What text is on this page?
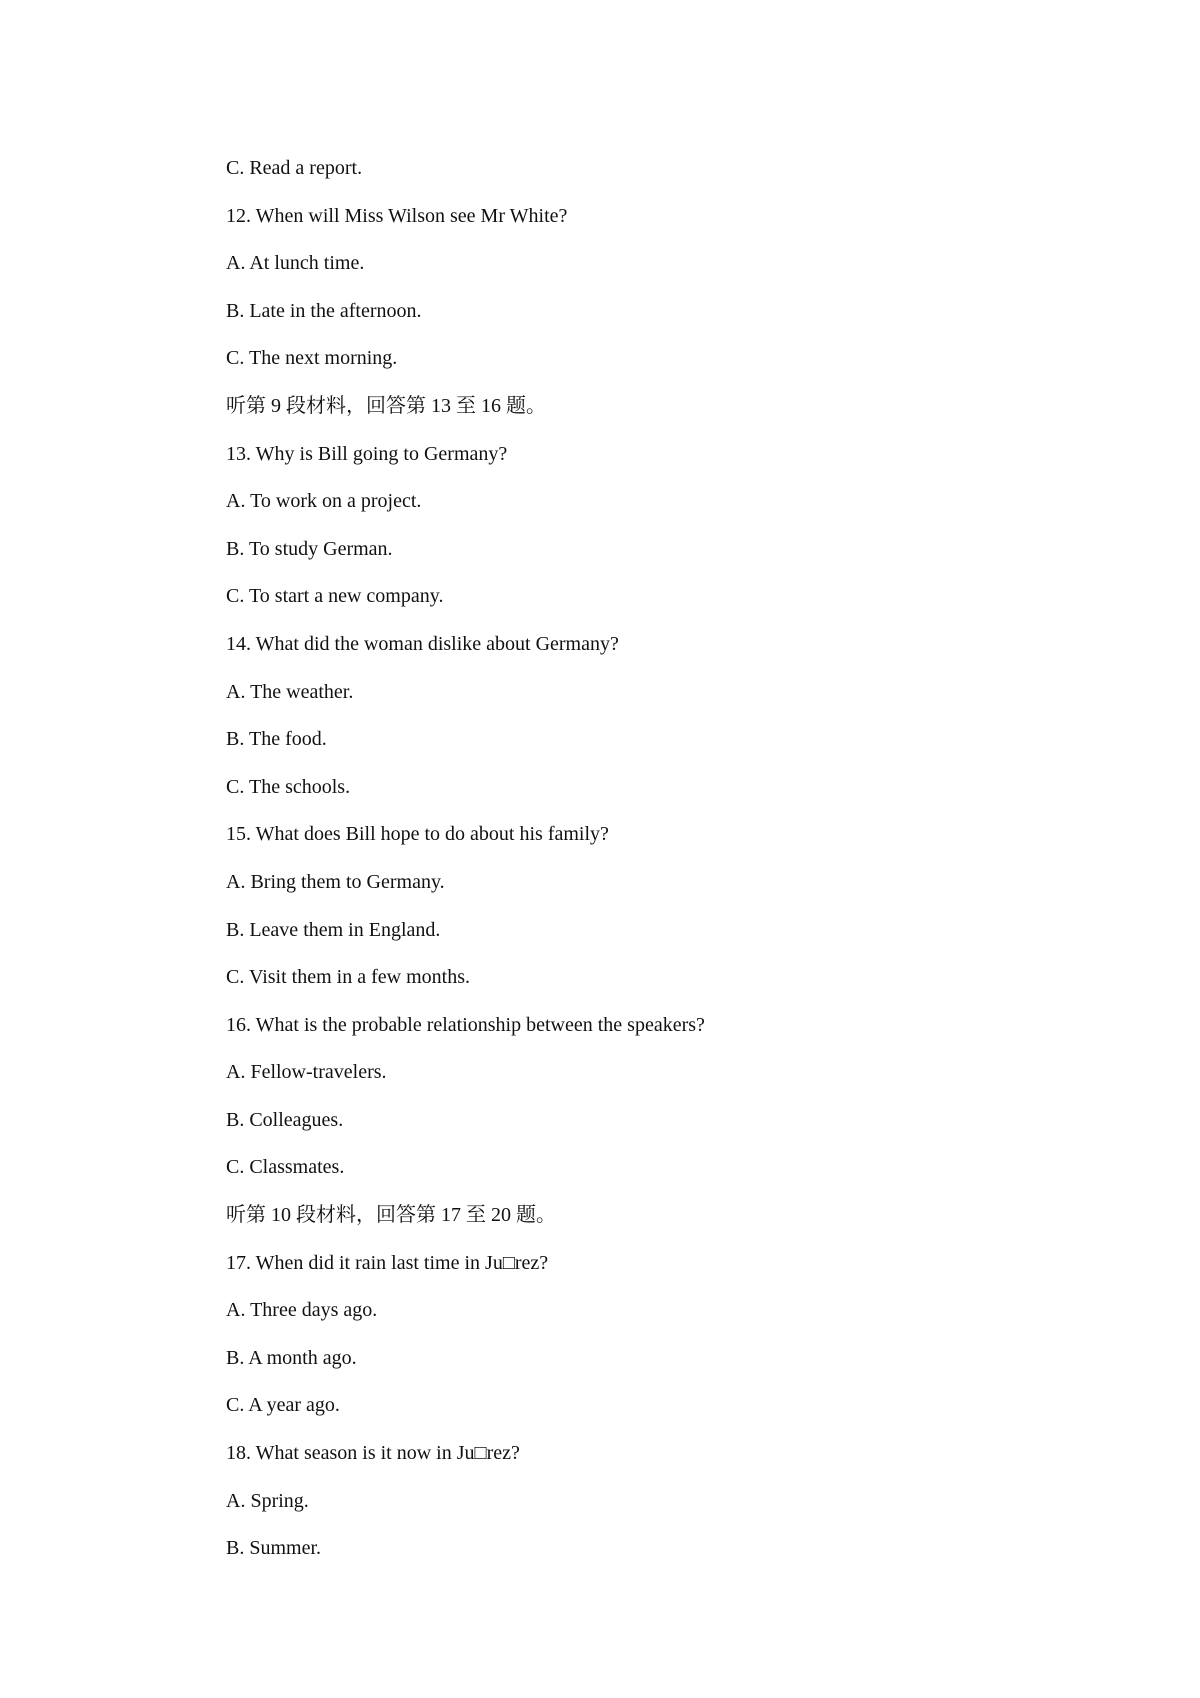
C. Read a report.
12. When will Miss Wilson see Mr White?
A. At lunch time.
B. Late in the afternoon.
C. The next morning.
听第 9 段材料，回答第 13 至 16 题。
13. Why is Bill going to Germany?
A. To work on a project.
B. To study German.
C. To start a new company.
14. What did the woman dislike about Germany?
A. The weather.
B. The food.
C. The schools.
15. What does Bill hope to do about his family?
A. Bring them to Germany.
B. Leave them in England.
C. Visit them in a few months.
16. What is the probable relationship between the speakers?
A. Fellow-travelers.
B. Colleagues.
C. Classmates.
听第 10 段材料，回答第 17 至 20 题。
17. When did it rain last time in Ju□rez?
A. Three days ago.
B. A month ago.
C. A year ago.
18. What season is it now in Ju□rez?
A. Spring.
B. Summer.
